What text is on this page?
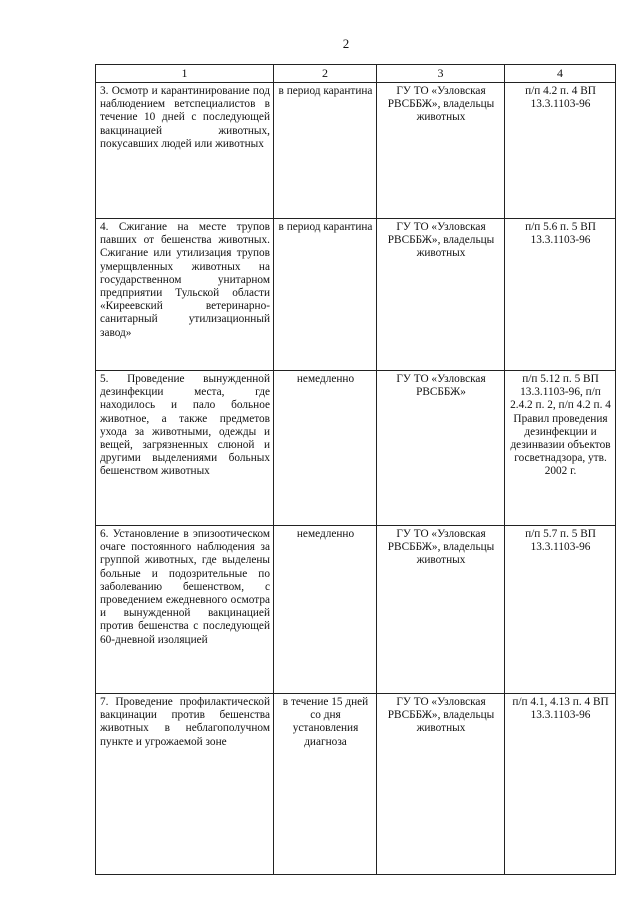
2
1	2	3	4
3. Осмотр и карантинирование под наблюдением ветспециалистов в течение 10 дней с последующей вакцинацией животных, покусавших людей или животных	в период карантина	ГУ ТО «Узловская РВСББЖ», владельцы животных	п/п 4.2 п. 4 ВП 13.3.1103-96
4. Сжигание на месте трупов павших от бешенства животных. Сжигание или утилизация трупов умерщвленных животных на государственном унитарном предприятии Тульской области «Киреевский ветеринарно-санитарный утилизационный завод»	в период карантина	ГУ ТО «Узловская РВСББЖ», владельцы животных	п/п 5.6 п. 5 ВП 13.3.1103-96
5. Проведение вынужденной дезинфекции места, где находилось и пало больное животное, а также предметов ухода за животными, одежды и вещей, загрязненных слюной и другими выделениями больных бешенством животных	немедленно	ГУ ТО «Узловская РВСББЖ»	п/п 5.12 п. 5 ВП 13.3.1103-96, п/п 2.4.2 п. 2, п/п 4.2 п. 4 Правил проведения дезинфекции и дезинвазии объектов госветнадзора, утв. 2002 г.
6. Установление в эпизоотическом очаге постоянного наблюдения за группой животных, где выделены больные и подозрительные по заболеванию бешенством, с проведением ежедневного осмотра и вынужденной вакцинацией против бешенства с последующей 60-дневной изоляцией	немедленно	ГУ ТО «Узловская РВСББЖ», владельцы животных	п/п 5.7 п. 5 ВП 13.3.1103-96
7. Проведение профилактической вакцинации против бешенства животных в неблагополучном пункте и угрожаемой зоне	в течение 15 дней со дня установления диагноза	ГУ ТО «Узловская РВСББЖ», владельцы животных	п/п 4.1, 4.13 п. 4 ВП 13.3.1103-96
